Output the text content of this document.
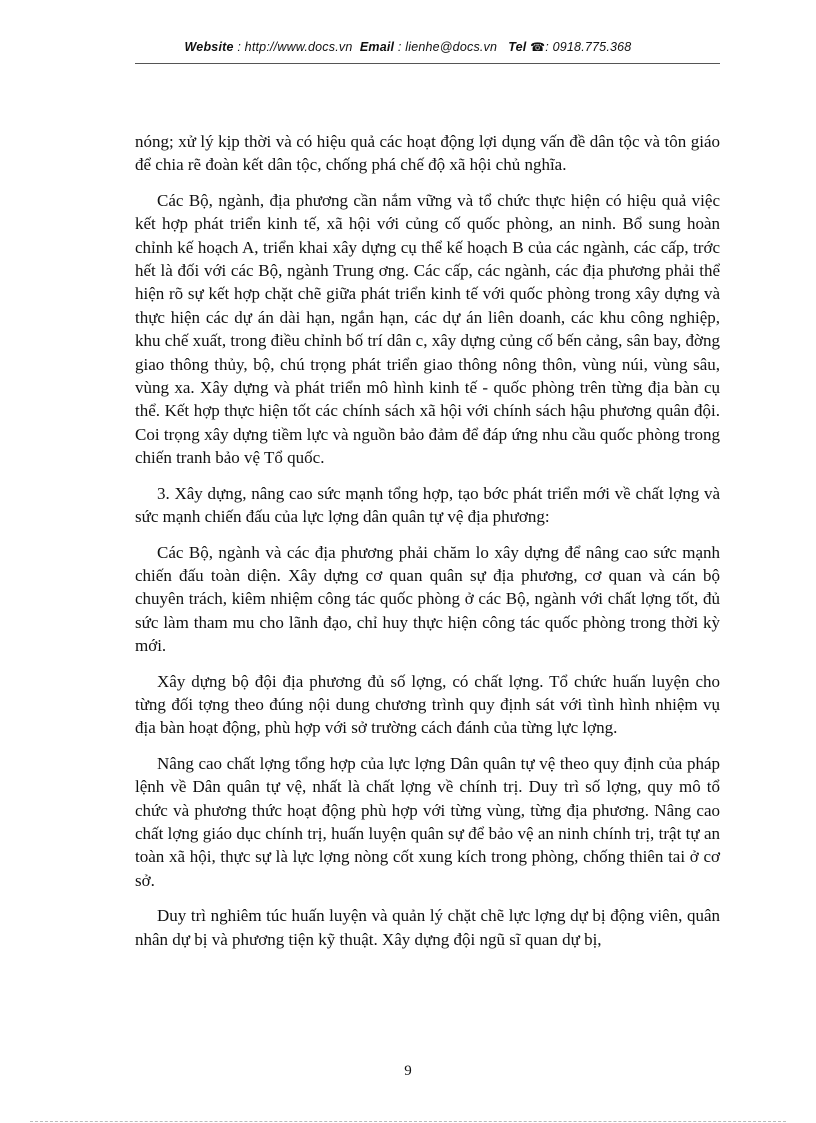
Website : http://www.docs.vn Email : lienhe@docs.vn Tel ☎: 0918.775.368

nóng; xử lý kịp thời và có hiệu quả các hoạt động lợi dụng vấn đề dân tộc và tôn giáo để chia rẽ đoàn kết dân tộc, chống phá chế độ xã hội chủ nghĩa.

Các Bộ, ngành, địa phương cần nắm vững và tổ chức thực hiện có hiệu quả việc kết hợp phát triển kinh tế, xã hội với củng cố quốc phòng, an ninh. Bổ sung hoàn chỉnh kế hoạch A, triển khai xây dựng cụ thể kế hoạch B của các ngành, các cấp, trớc hết là đối với các Bộ, ngành Trung ơng. Các cấp, các ngành, các địa phương phải thể hiện rõ sự kết hợp chặt chẽ giữa phát triển kinh tế với quốc phòng trong xây dựng và thực hiện các dự án dài hạn, ngắn hạn, các dự án liên doanh, các khu công nghiệp, khu chế xuất, trong điều chỉnh bố trí dân c, xây dựng củng cố bến cảng, sân bay, đờng giao thông thủy, bộ, chú trọng phát triển giao thông nông thôn, vùng núi, vùng sâu, vùng xa. Xây dựng và phát triển mô hình kinh tế - quốc phòng trên từng địa bàn cụ thể. Kết hợp thực hiện tốt các chính sách xã hội với chính sách hậu phương quân đội. Coi trọng xây dựng tiềm lực và nguồn bảo đảm để đáp ứng nhu cầu quốc phòng trong chiến tranh bảo vệ Tổ quốc.

3. Xây dựng, nâng cao sức mạnh tổng hợp, tạo bớc phát triển mới về chất lợng và sức mạnh chiến đấu của lực lợng dân quân tự vệ địa phương:

Các Bộ, ngành và các địa phương phải chăm lo xây dựng để nâng cao sức mạnh chiến đấu toàn diện. Xây dựng cơ quan quân sự địa phương, cơ quan và cán bộ chuyên trách, kiêm nhiệm công tác quốc phòng ở các Bộ, ngành với chất lợng tốt, đủ sức làm tham mu cho lãnh đạo, chỉ huy thực hiện công tác quốc phòng trong thời kỳ mới.

Xây dựng bộ đội địa phương đủ số lợng, có chất lợng. Tổ chức huấn luyện cho từng đối tợng theo đúng nội dung chương trình quy định sát với tình hình nhiệm vụ địa bàn hoạt động, phù hợp với sở trường cách đánh của từng lực lợng.

Nâng cao chất lợng tổng hợp của lực lợng Dân quân tự vệ theo quy định của pháp lệnh về Dân quân tự vệ, nhất là chất lợng về chính trị. Duy trì số lợng, quy mô tổ chức và phương thức hoạt động phù hợp với từng vùng, từng địa phương. Nâng cao chất lợng giáo dục chính trị, huấn luyện quân sự để bảo vệ an ninh chính trị, trật tự an toàn xã hội, thực sự là lực lợng nòng cốt xung kích trong phòng, chống thiên tai ở cơ sở.

Duy trì nghiêm túc huấn luyện và quản lý chặt chẽ lực lợng dự bị động viên, quân nhân dự bị và phương tiện kỹ thuật. Xây dựng đội ngũ sĩ quan dự bị,

9
